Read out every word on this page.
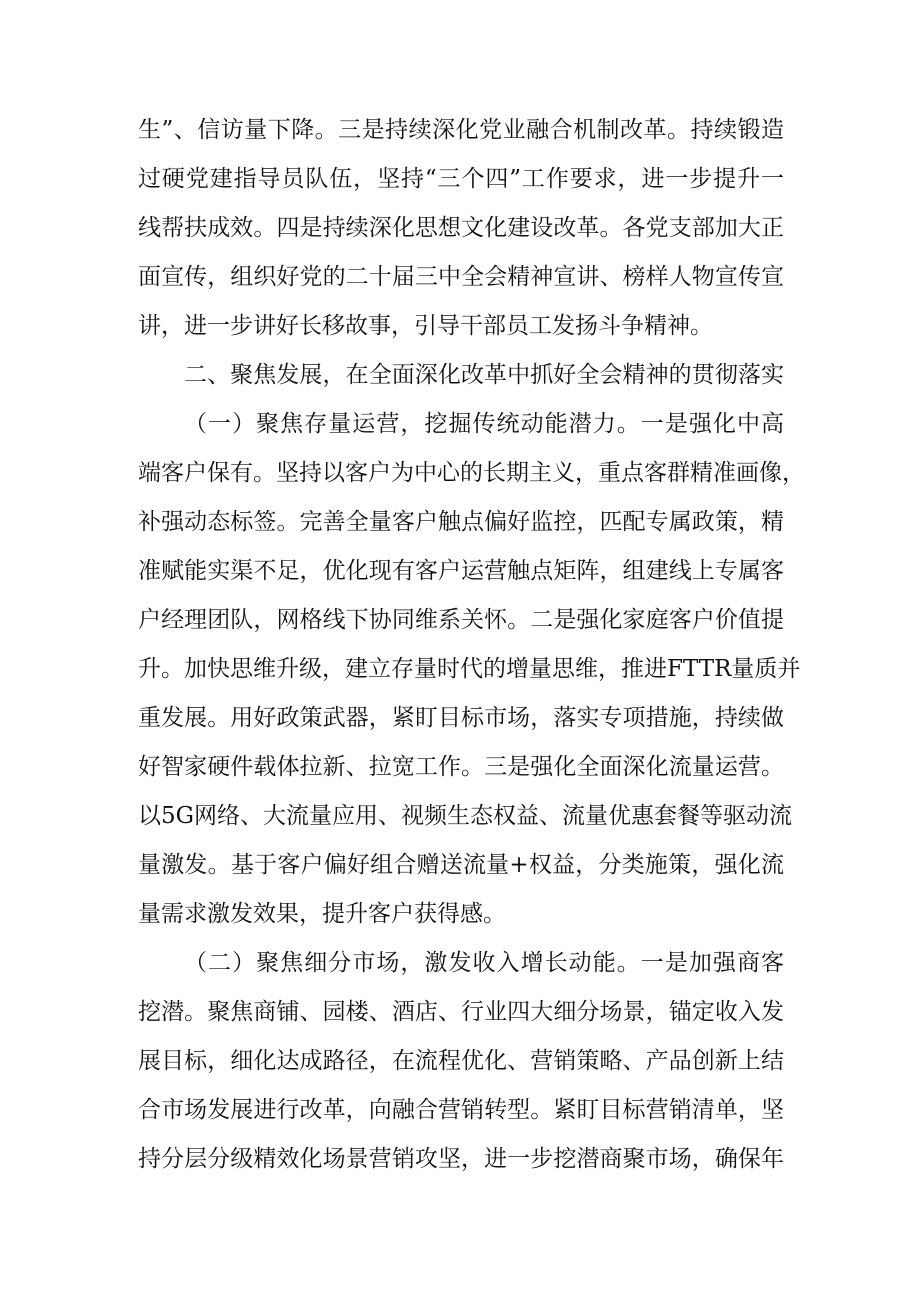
生”、信访量下降。三是持续深化党业融合机制改革。持续锻造
过硬党建指导员队伍，坚持“三个四”工作要求，进一步提升一
线帮扶成效。四是持续深化思想文化建设改革。各党支部加大正
面宣传，组织好党的二十届三中全会精神宣讲、榜样人物宣传宣
讲，进一步讲好长移故事，引导干部员工发扬斗争精神。
二、聚焦发展，在全面深化改革中抓好全会精神的贯彻落实
（一）聚焦存量运营，挖掘传统动能潜力。一是强化中高
端客户保有。坚持以客户为中心的长期主义，重点客群精准画像，
补强动态标签。完善全量客户触点偏好监控，匹配专属政策，精
准赋能实渠不足，优化现有客户运营触点矩阵，组建线上专属客
户经理团队，网格线下协同维系关怀。二是强化家庭客户价值提
升。加快思维升级，建立存量时代的增量思维，推进FTTR量质并
重发展。用好政策武器，紧盯目标市场，落实专项措施，持续做
好智家硬件载体拉新、拉宽工作。三是强化全面深化流量运营。
以5G网络、大流量应用、视频生态权益、流量优惠套餐等驱动流
量激发。基于客户偏好组合赠送流量+权益，分类施策，强化流
量需求激发效果，提升客户获得感。
（二）聚焦细分市场，激发收入增长动能。一是加强商客
挖潜。聚焦商铺、园楼、酒店、行业四大细分场景，锚定收入发
展目标，细化达成路径，在流程优化、营销策略、产品创新上结
合市场发展进行改革，向融合营销转型。紧盯目标营销清单，坚
持分层分级精效化场景营销攻坚，进一步挖潜商聚市场，确保年
